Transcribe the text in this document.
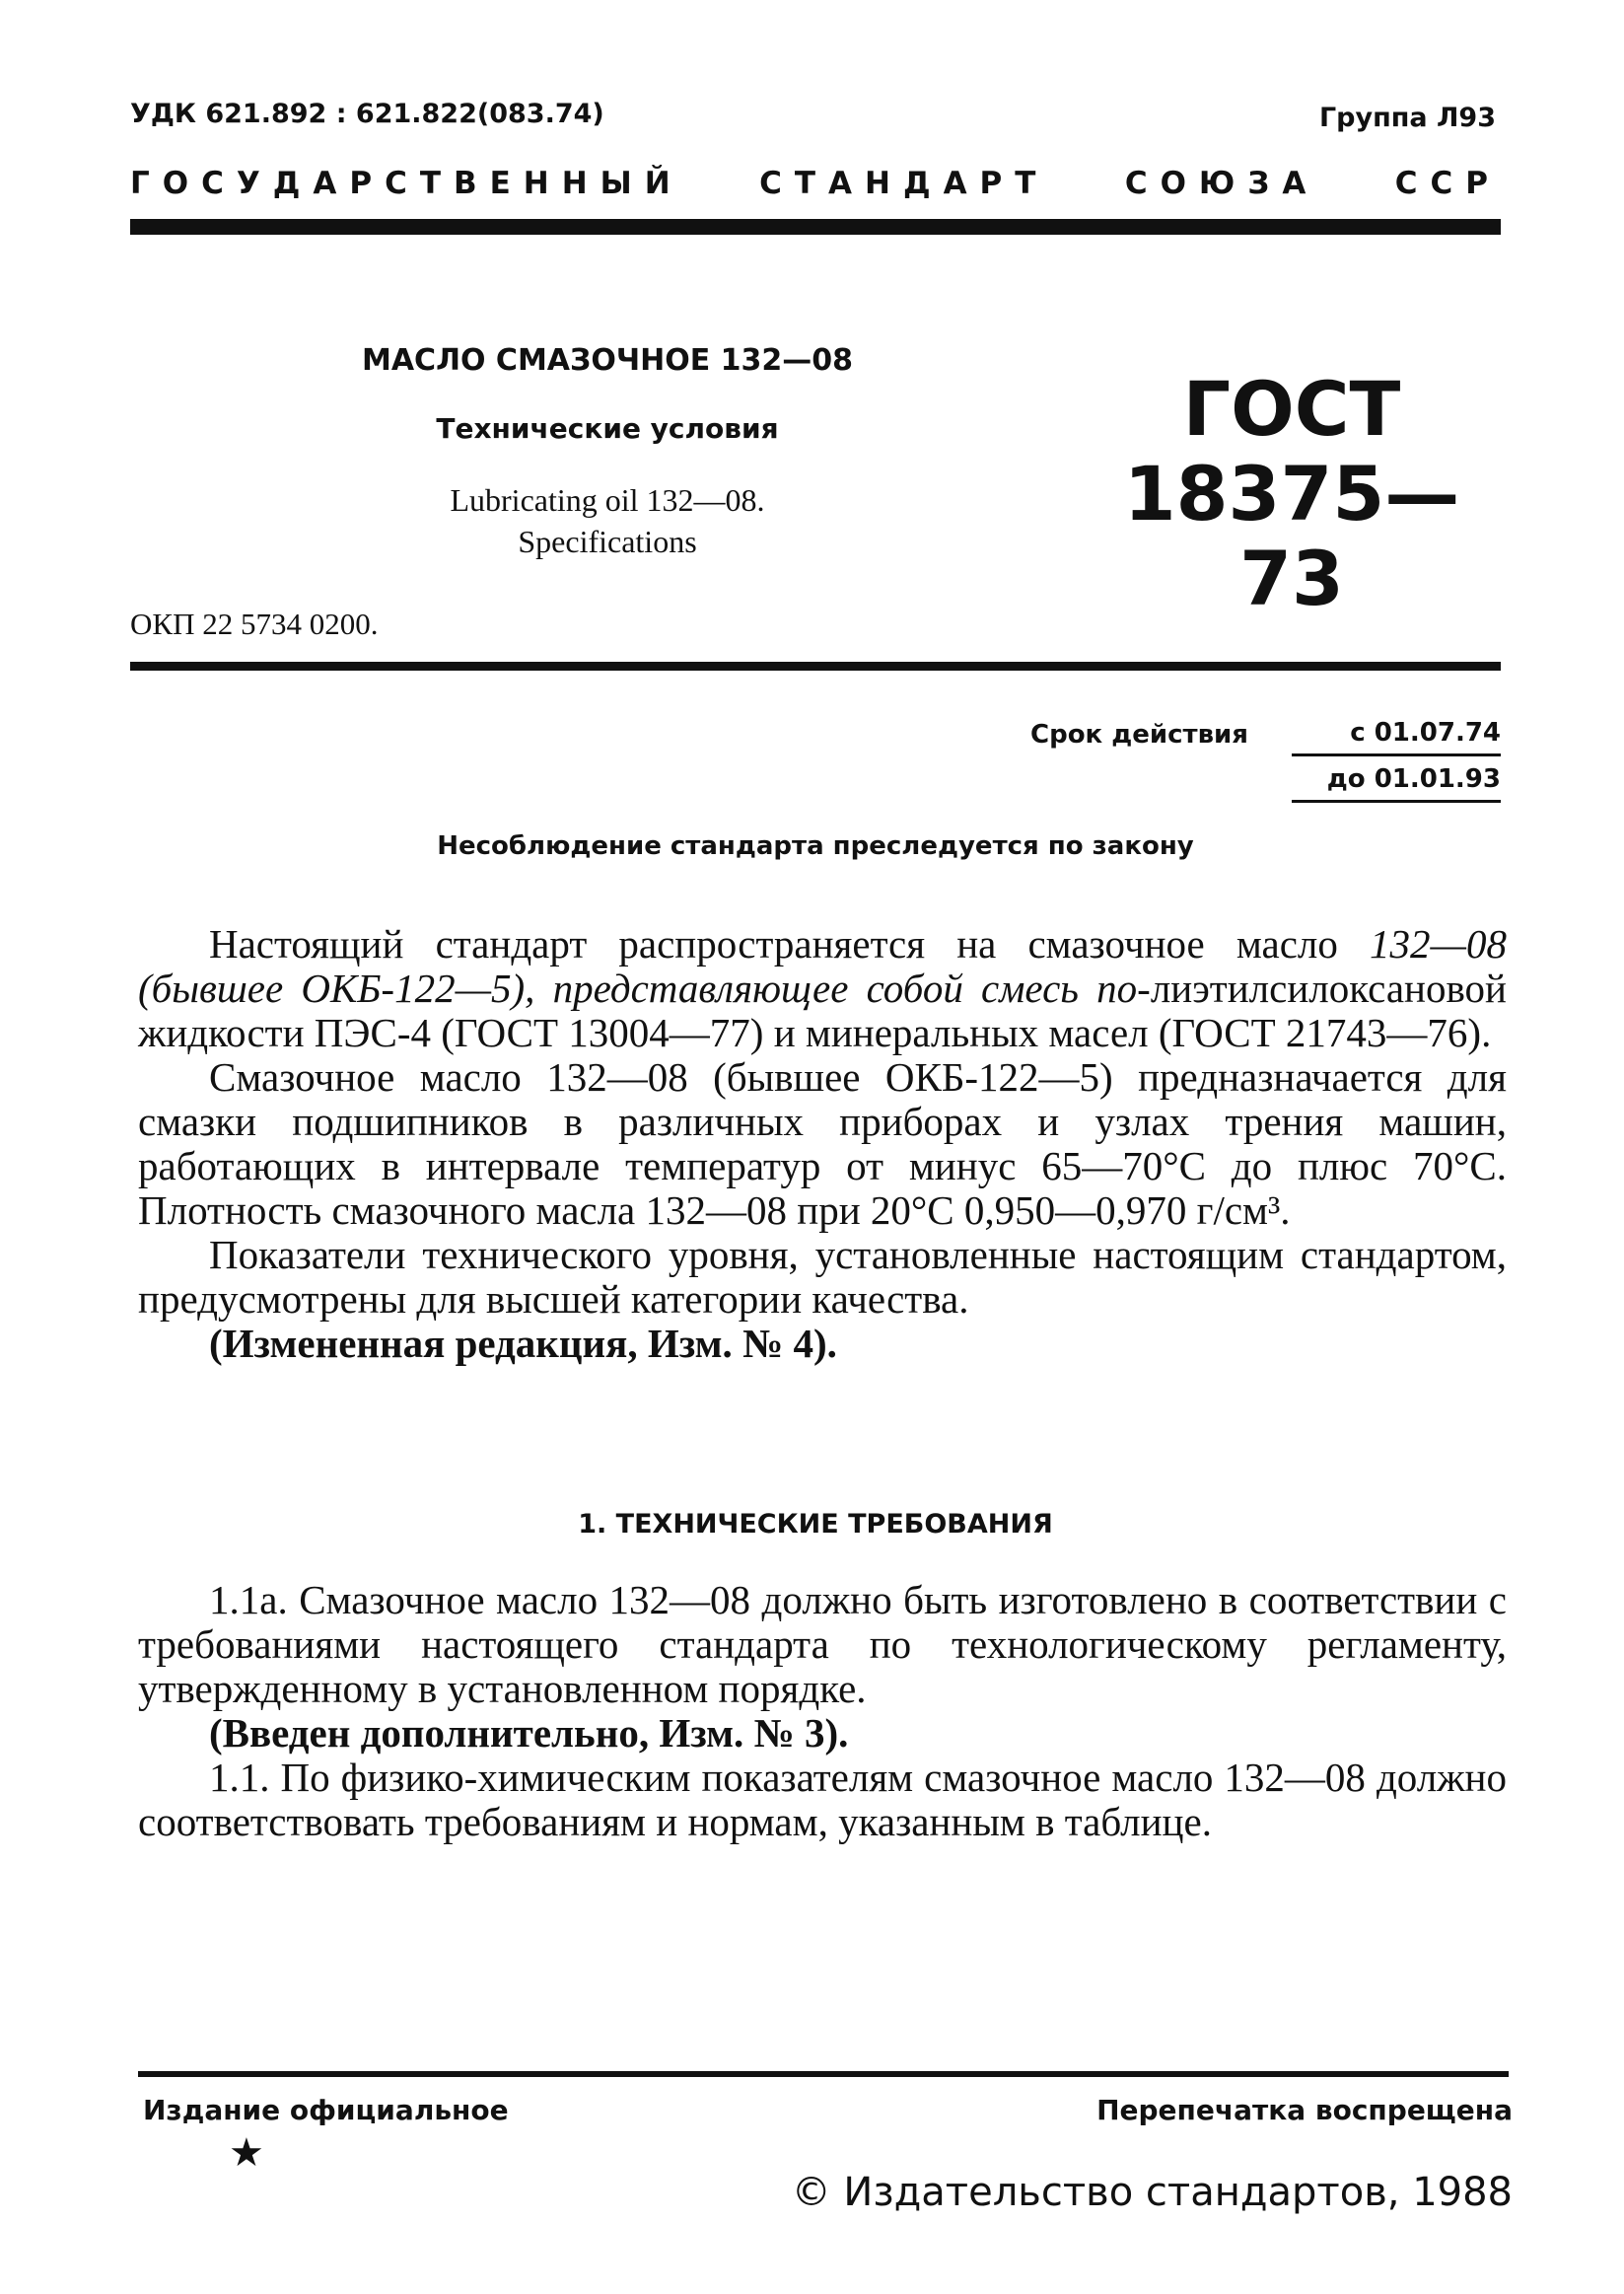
УДК 621.892 : 621.822(083.74)	Группа Л93
ГОСУДАРСТВЕННЫЙ СТАНДАРТ СОЮЗА ССР
МАСЛО СМАЗОЧНОЕ 132—08
Технические условия
Lubricating oil 132—08.
Specifications
ГОСТ
18375—73
ОКП 22 5734 0200.
Срок действия	с 01.07.74
до 01.01.93
Несоблюдение стандарта преследуется по закону

Настоящий стандарт распространяется на смазочное масло 132—08 (бывшее ОКБ-122—5), представляющее собой смесь по-лиэтилсилоксановой жидкости ПЭС-4 (ГОСТ 13004—77) и минеральных масел (ГОСТ 21743—76).

Смазочное масло 132—08 (бывшее ОКБ-122—5) предназначается для смазки подшипников в различных приборах и узлах трения машин, работающих в интервале температур от минус 65—70°С до плюс 70°С. Плотность смазочного масла 132—08 при 20°С 0,950—0,970 г/см³.

Показатели технического уровня, установленные настоящим стандартом, предусмотрены для высшей категории качества.

(Измененная редакция, Изм. № 4).

1. ТЕХНИЧЕСКИЕ ТРЕБОВАНИЯ

1.1а. Смазочное масло 132—08 должно быть изготовлено в соответствии с требованиями настоящего стандарта по технологическому регламенту, утвержденному в установленном порядке.

(Введен дополнительно, Изм. № 3).

1.1. По физико-химическим показателям смазочное масло 132—08 должно соответствовать требованиям и нормам, указанным в таблице.

Издание официальное
★
Перепечатка воспрещена
© Издательство стандартов, 1988
